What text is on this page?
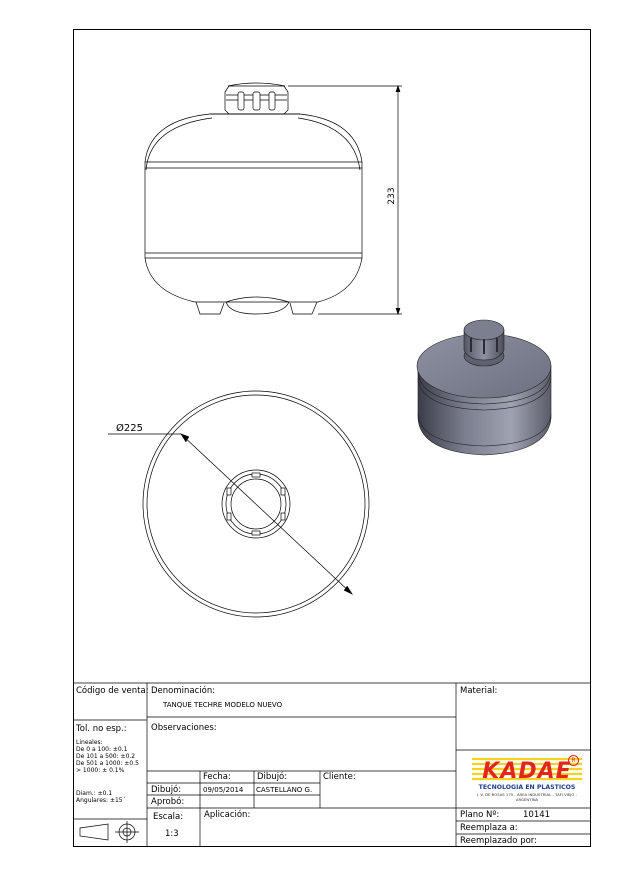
233
Ø225
Código de venta: Denominación:
TANQUE TECHRE MODELO NUEVO
Material:
Tol. no esp.:	Observaciones:
Lineales:
De 0 a 100: ±0.1
De 101 a 500: ±0.2
De 501 a 1000: ±0.5
> 1000: ± 0.1%
Diam.: ±0.1
Angulares: ±15´
Fecha:	Dibujó:	Cliente:
Dibujó:	09/05/2014 CASTELLANO G.
Aprobó:
Escala:
1:3
Aplicación:	Plano Nº:	10141
Reemplaza a:
Reemplazado por:
KADAE R
TECNOLOGIA EN PLASTICOS
J. V. DE ROSAS 175 - AREA INDUSTRIAL - TAFI VIEJO - ARGENTINA
